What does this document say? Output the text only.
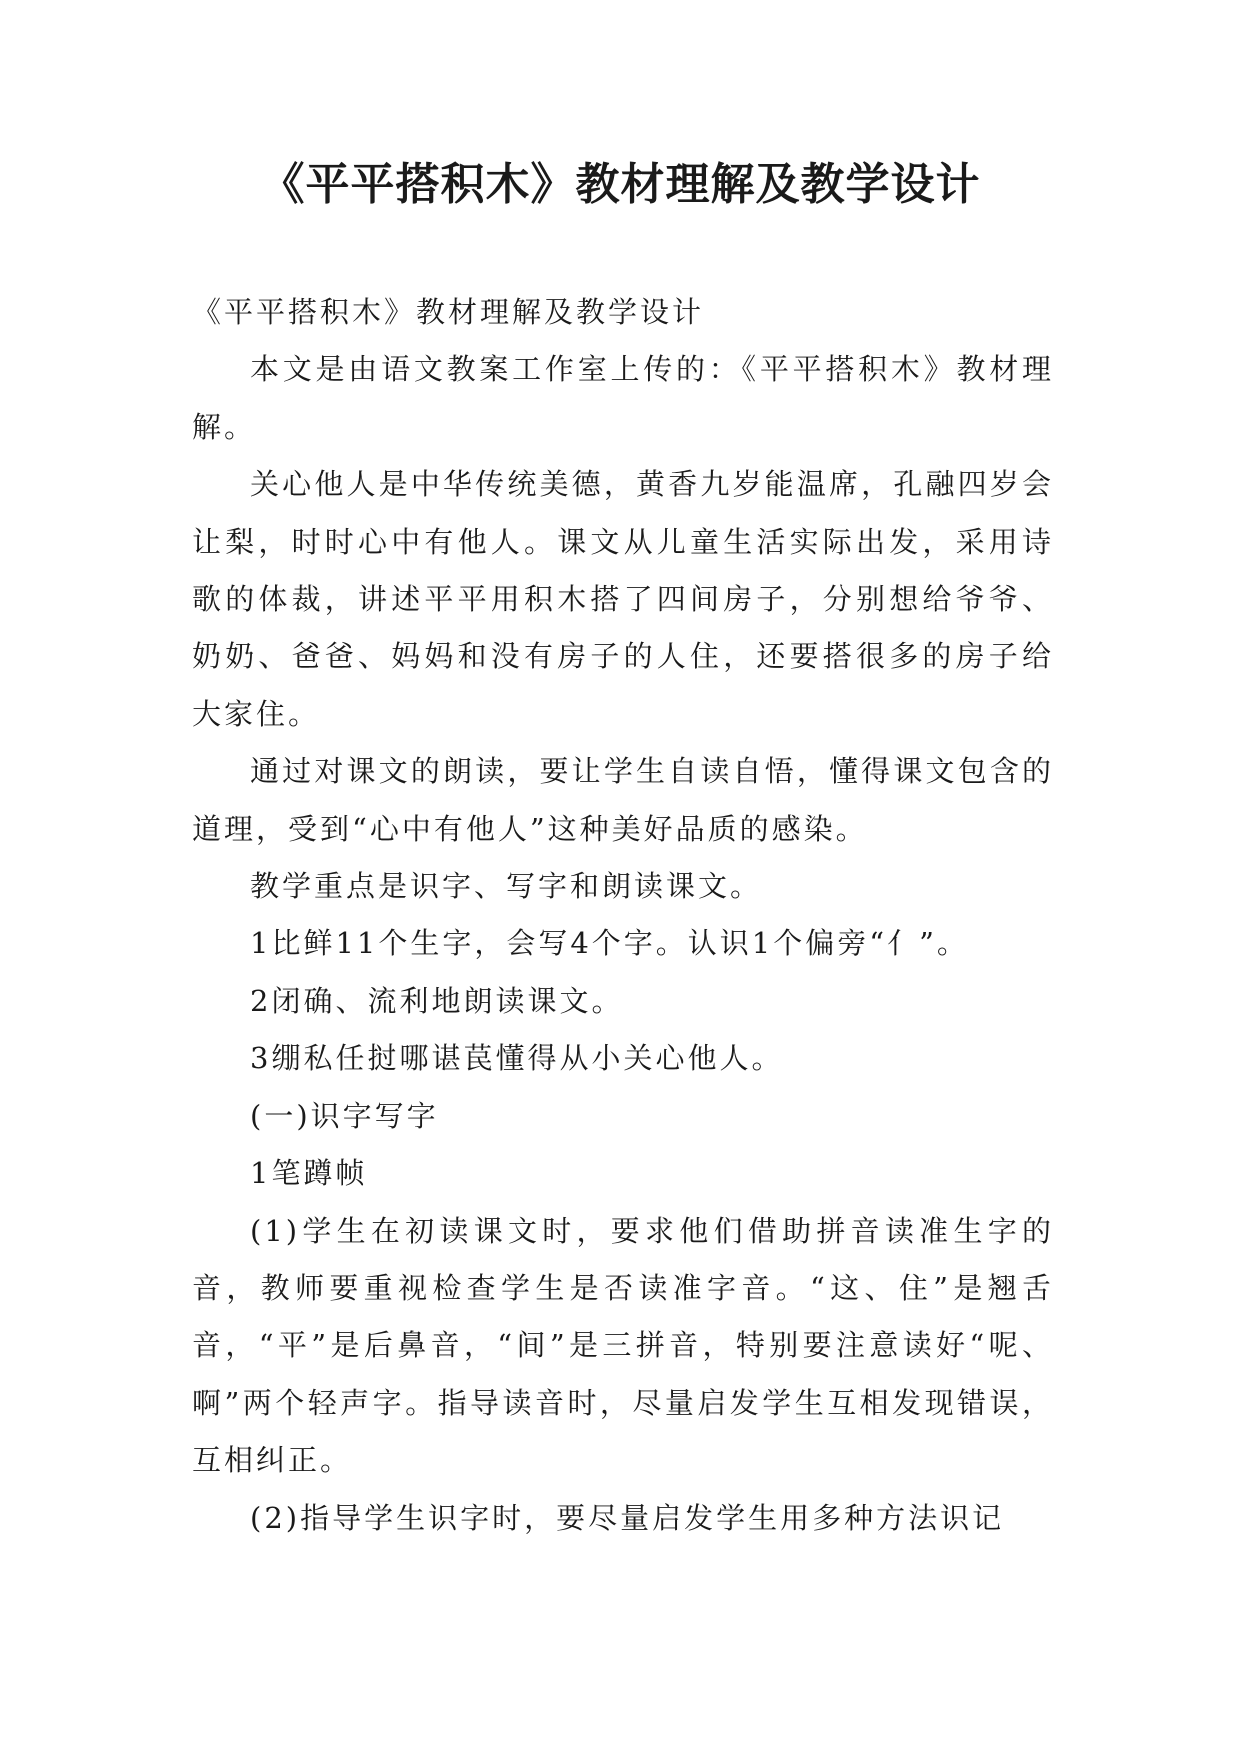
《平平搭积木》教材理解及教学设计

《平平搭积木》教材理解及教学设计

本文是由语文教案工作室上传的：《平平搭积木》教材理解。

关心他人是中华传统美德，黄香九岁能温席，孔融四岁会让梨，时时心中有他人。课文从儿童生活实际出发，采用诗歌的体裁，讲述平平用积木搭了四间房子，分别想给爷爷、奶奶、爸爸、妈妈和没有房子的人住，还要搭很多的房子给大家住。

通过对课文的朗读，要让学生自读自悟，懂得课文包含的道理，受到“心中有他人”这种美好品质的感染。

教学重点是识字、写字和朗读课文。

1比鲜11个生字，会写4个字。认识1个偏旁“亻”。

2闭确、流利地朗读课文。

3绷私任挝哪谌苠懂得从小关心他人。

(一)识字写字

1笔蹲帧

(1)学生在初读课文时，要求他们借助拼音读准生字的音，教师要重视检查学生是否读准字音。“这、住”是翘舌音，“平”是后鼻音，“间”是三拼音，特别要注意读好“呢、啊”两个轻声字。指导读音时，尽量启发学生互相发现错误，互相纠正。

(2)指导学生识字时，要尽量启发学生用多种方法识记
